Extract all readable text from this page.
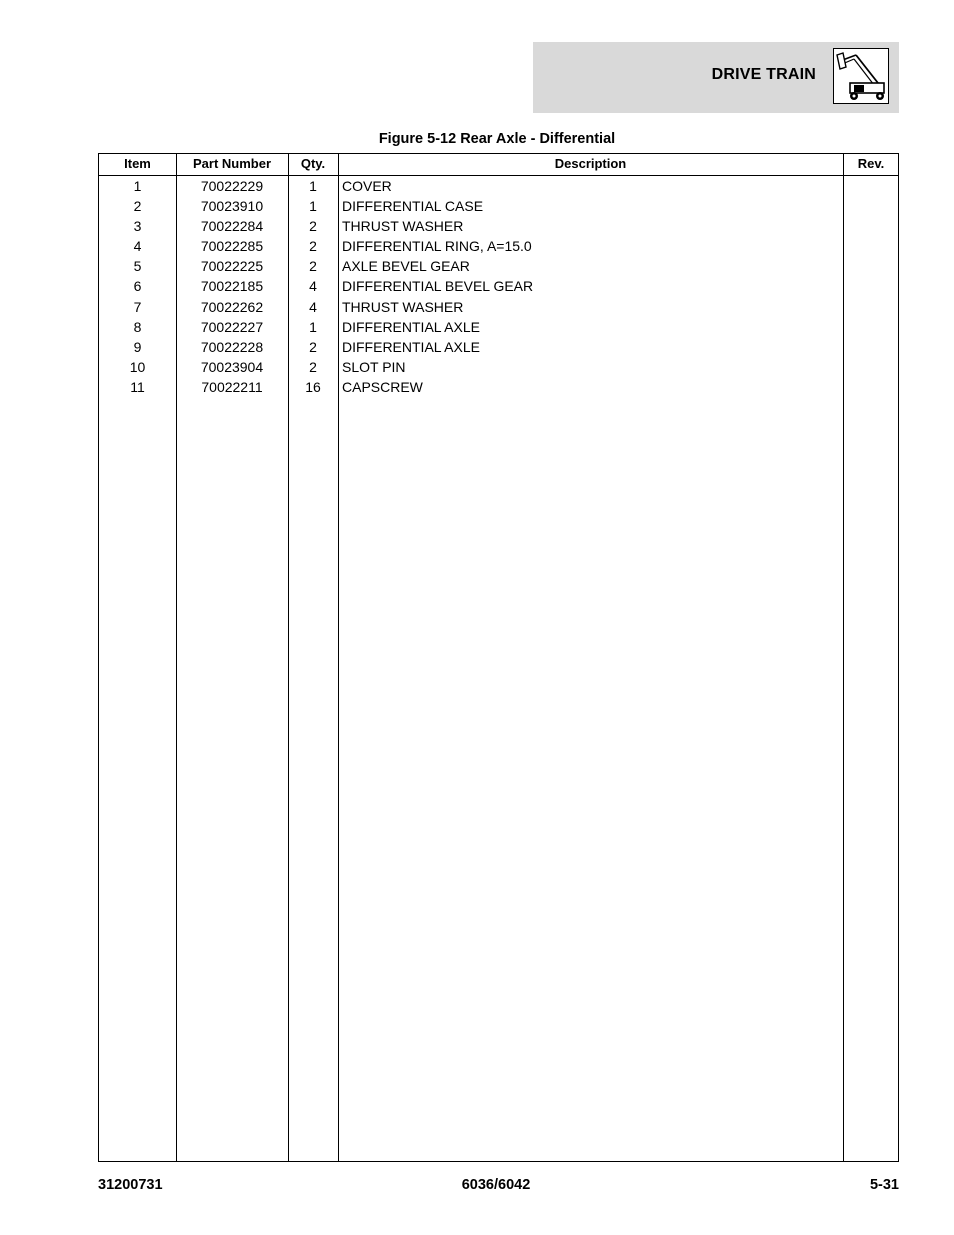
DRIVE TRAIN
Figure 5-12 Rear Axle - Differential
Item	Part Number	Qty.	Description	Rev.
1	70022229	1	COVER
2	70023910	1	DIFFERENTIAL CASE
3	70022284	2	THRUST WASHER
4	70022285	2	DIFFERENTIAL RING, A=15.0
5	70022225	2	AXLE BEVEL GEAR
6	70022185	4	DIFFERENTIAL BEVEL GEAR
7	70022262	4	THRUST WASHER
8	70022227	1	DIFFERENTIAL AXLE
9	70022228	2	DIFFERENTIAL AXLE
10	70023904	2	SLOT PIN
11	70022211	16	CAPSCREW
31200731	6036/6042	5-31
